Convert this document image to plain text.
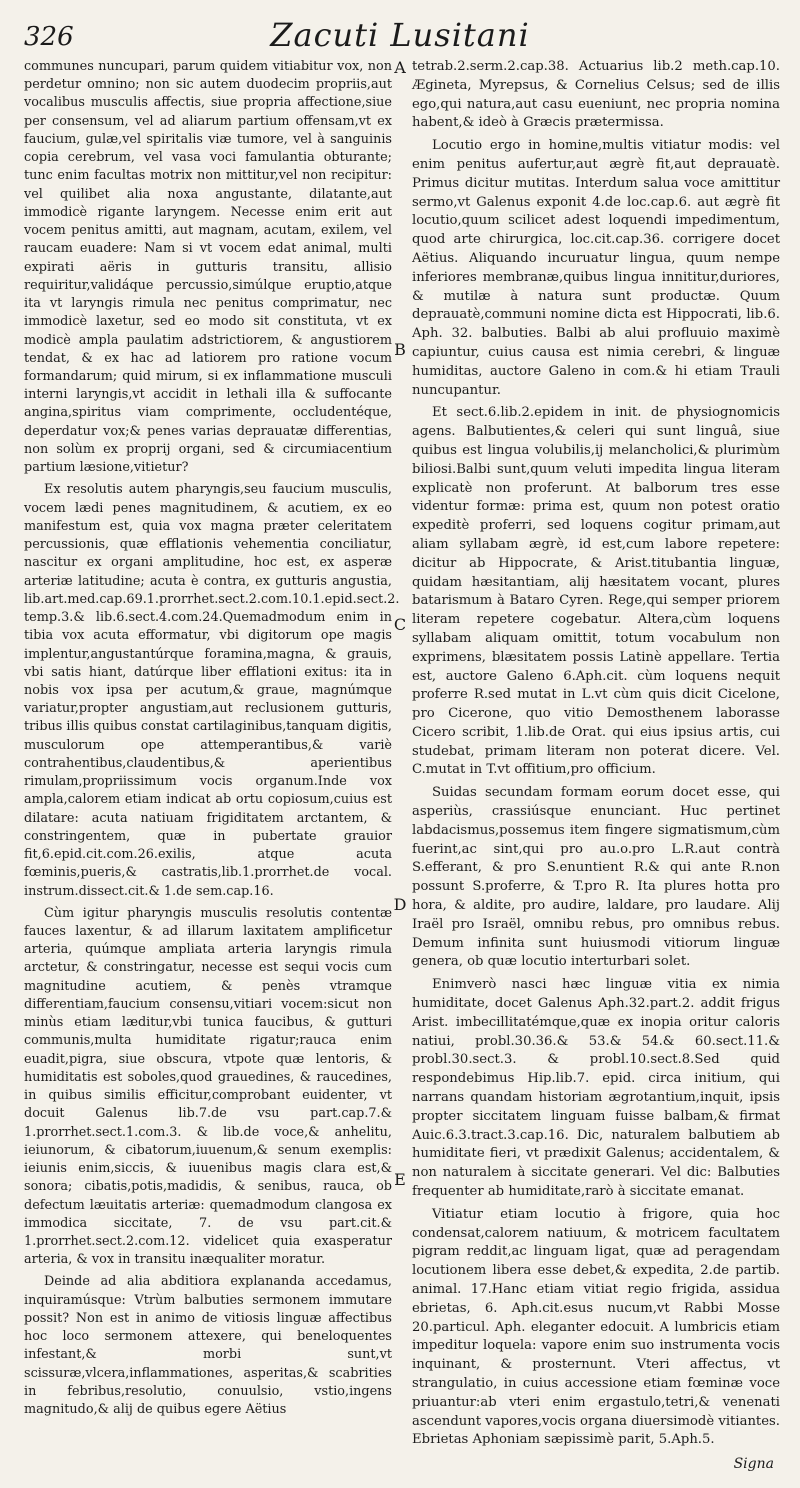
326	Zacuti Lusitani

communes nuncupari, parum quidem vitiabitur vox, non perdetur omnino; non sic autem duodecim propriis,aut vocalibus musculis affectis, siue propria affectione,siue per consensum, vel ad aliarum partium offensam,vt ex faucium, gulæ,vel spiritalis viæ tumore, vel à sanguinis copia cerebrum, vel vasa voci famulantia obturante; tunc enim facultas motrix non mittitur,vel non recipitur: vel quilibet alia noxa angustante, dilatante,aut immodicè rigante laryngem. Necesse enim erit aut vocem penitus amitti, aut magnam, acutam, exilem, vel raucam euadere: Nam si vt vocem edat animal, multi expirati aëris in gutturis transitu, allisio requiritur,validáque percussio,simúlque eruptio,atque ita vt laryngis rimula nec penitus comprimatur, nec immodicè laxetur, sed eo modo sit constituta, vt ex modicè ampla paulatim adstrictiorem, & angustiorem tendat, & ex hac ad latiorem pro ratione vocum formandarum; quid mirum, si ex inflammatione musculi interni laryngis,vt accidit in lethali illa & suffocante angina,spiritus viam comprimente, occludentéque, deperdatur vox;& penes varias deprauatæ differentias, non solùm ex proprij organi, sed & circumiacentium partium læsione,vitietur?

Ex resolutis autem pharyngis,seu faucium musculis, vocem lædi penes magnitudinem, & acutiem, ex eo manifestum est, quia vox magna præter celeritatem percussionis, quæ efflationis vehementia conciliatur, nascitur ex organi amplitudine, hoc est, ex asperæ arteriæ latitudine; acuta è contra, ex gutturis angustia, lib.art.med.cap.69.1.prorrhet.sect.2.com.10.1.epid.sect.2. temp.3.& lib.6.sect.4.com.24.Quemadmodum enim in tibia vox acuta efformatur, vbi digitorum ope magis implentur,angustantúrque foramina,magna, & grauis, vbi satis hiant, datúrque liber efflationi exitus: ita in nobis vox ipsa per acutum,& graue, magnúmque variatur,propter angustiam,aut reclusionem gutturis, tribus illis quibus constat cartilaginibus,tanquam digitis, musculorum ope attemperantibus,& variè contrahentibus,claudentibus,& aperientibus rimulam,propriissimum vocis organum.Inde vox ampla,calorem etiam indicat ab ortu copiosum,cuius est dilatare: acuta natiuam frigiditatem arctantem, & constringentem, quæ in pubertate grauior fit,6.epid.cit.com.26.exilis, atque acuta fœminis,pueris,& castratis,lib.1.prorrhet.de vocal. instrum.dissect.cit.& 1.de sem.cap.16.

Cùm igitur pharyngis musculis resolutis contentæ fauces laxentur, & ad illarum laxitatem amplificetur arteria, quúmque ampliata arteria laryngis rimula arctetur, & constringatur, necesse est sequi vocis cum magnitudine acutiem, & penès vtramque differentiam,faucium consensu,vitiari vocem:sicut non minùs etiam læditur,vbi tunica faucibus, & gutturi communis,multa humiditate rigatur;rauca enim euadit,pigra, siue obscura, vtpote quæ lentoris, & humiditatis est soboles,quod grauedines, & raucedines, in quibus similis efficitur,comprobant euidenter, vt docuit Galenus lib.7.de vsu part.cap.7.& 1.prorrhet.sect.1.com.3. & lib.de voce,& anhelitu, ieiunorum, & cibatorum,iuuenum,& senum exemplis: ieiunis enim,siccis, & iuuenibus magis clara est,& sonora; cibatis,potis,madidis, & senibus, rauca, ob defectum læuitatis arteriæ: quemadmodum clangosa ex immodica siccitate, 7. de vsu part.cit.& 1.prorrhet.sect.2.com.12. videlicet quia exasperatur arteria, & vox in transitu inæqualiter moratur.

Deinde ad alia abditiora explananda accedamus, inquiramúsque: Vtrùm balbuties sermonem immutare possit? Non est in animo de vitiosis linguæ affectibus hoc loco sermonem attexere, qui beneloquentes infestant,& morbi sunt,vt scissuræ,vlcera,inflammationes, asperitas,& scabrities in febribus,resolutio, conuulsio, vstio,ingens magnitudo,& alij de quibus egere Aëtius

A
B
C
D
E

tetrab.2.serm.2.cap.38. Actuarius lib.2 meth.cap.10. Ægineta, Myrepsus, & Cornelius Celsus; sed de illis ego,qui natura,aut casu eueniunt, nec propria nomina habent,& ideò à Græcis prætermissa.

Locutio ergo in homine,multis vitiatur modis: vel enim penitus aufertur,aut ægrè fit,aut deprauatè. Primus dicitur mutitas. Interdum salua voce amittitur sermo,vt Galenus exponit 4.de loc.cap.6. aut ægrè fit locutio,quum scilicet adest loquendi impedimentum, quod arte chirurgica, loc.cit.cap.36. corrigere docet Aëtius. Aliquando incuruatur lingua, quum nempe inferiores membranæ,quibus lingua innititur,duriores, & mutilæ à natura sunt productæ. Quum deprauatè,communi nomine dicta est Hippocrati, lib.6. Aph. 32. balbuties. Balbi ab alui profluuio maximè capiuntur, cuius causa est nimia cerebri, & linguæ humiditas, auctore Galeno in com.& hi etiam Trauli nuncupantur.

Et sect.6.lib.2.epidem in init. de physiognomicis agens. Balbutientes,& celeri qui sunt linguâ, siue quibus est lingua volubilis,ij melancholici,& plurimùm biliosi.Balbi sunt,quum veluti impedita lingua literam explicatè non proferunt. At balborum tres esse videntur formæ: prima est, quum non potest oratio expeditè proferri, sed loquens cogitur primam,aut aliam syllabam ægrè, id est,cum labore repetere: dicitur ab Hippocrate, & Arist.titubantia linguæ, quidam hæsitantiam, alij hæsitatem vocant, plures batarismum à Bataro Cyren. Rege,qui semper priorem literam repetere cogebatur. Altera,cùm loquens syllabam aliquam omittit, totum vocabulum non exprimens, blæsitatem possis Latinè appellare. Tertia est, auctore Galeno 6.Aph.cit. cùm loquens nequit proferre R.sed mutat in L.vt cùm quis dicit Cicelone, pro Cicerone, quo vitio Demosthenem laborasse Cicero scribit, 1.lib.de Orat. qui eius ipsius artis, cui studebat, primam literam non poterat dicere. Vel. C.mutat in T.vt offitium,pro officium.

Suidas secundam formam eorum docet esse, qui asperiùs, crassiúsque enunciant. Huc pertinet labdacismus,possemus item fingere sigmatismum,cùm fuerint,ac sint,qui pro au.o.pro L.R.aut contrà S.efferant, & pro S.enuntient R.& qui ante R.non possunt S.proferre, & T.pro R. Ita plures hotta pro hora, & aldite, pro audire, laldare, pro laudare. Alij Iraël pro Israël, omnibu rebus, pro omnibus rebus. Demum infinita sunt huiusmodi vitiorum linguæ genera, ob quæ locutio interturbari solet.

Enimverò nasci hæc linguæ vitia ex nimia humiditate, docet Galenus Aph.32.part.2. addit frigus Arist. imbecillitatémque,quæ ex inopia oritur caloris natiui, probl.30.36.& 53.& 54.& 60.sect.11.& probl.30.sect.3. & probl.10.sect.8.Sed quid respondebimus Hip.lib.7. epid. circa initium, qui narrans quandam historiam ægrotantium,inquit, ipsis propter siccitatem linguam fuisse balbam,& firmat Auic.6.3.tract.3.cap.16. Dic, naturalem balbutiem ab humiditate fieri, vt prædixit Galenus; accidentalem, & non naturalem à siccitate generari. Vel dic: Balbuties frequenter ab humiditate,rarò à siccitate emanat.

Vitiatur etiam locutio à frigore, quia hoc condensat,calorem natiuum, & motricem facultatem pigram reddit,ac linguam ligat, quæ ad peragendam locutionem libera esse debet,& expedita, 2.de partib. animal. 17.Hanc etiam vitiat regio frigida, assidua ebrietas, 6. Aph.cit.esus nucum,vt Rabbi Mosse 20.particul. Aph. eleganter edocuit. A lumbricis etiam impeditur loquela: vapore enim suo instrumenta vocis inquinant, & prosternunt. Vteri affectus, vt strangulatio, in cuius accessione etiam fœminæ voce priuantur:ab vteri enim ergastulo,tetri,& venenati ascendunt vapores,vocis organa diuersimodè vitiantes. Ebrietas Aphoniam sæpissimè parit, 5.Aph.5.

Signa
